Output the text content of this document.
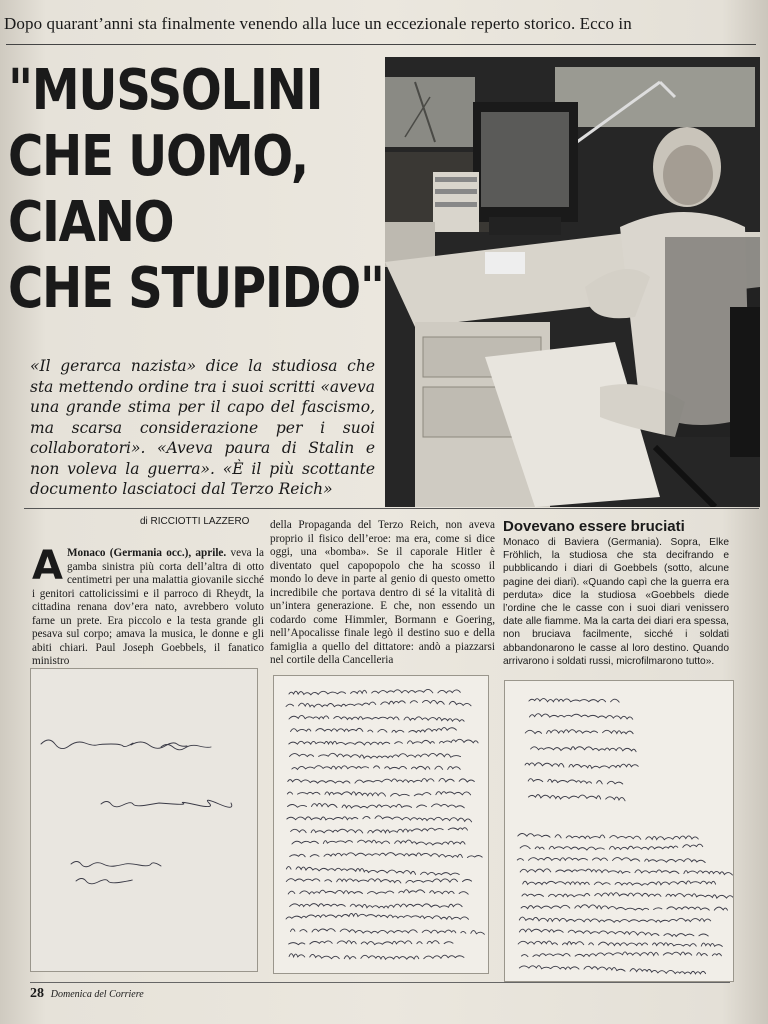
Dopo quarant’anni sta finalmente venendo alla luce un eccezionale reperto storico. Ecco in
"MUSSOLINI
CHE UOMO,
CIANO
CHE STUPIDO"
«Il gerarca nazista» dice la studiosa che sta mettendo ordine tra i suoi scritti «aveva una grande stima per il capo del fascismo, ma scarsa considerazione per i suoi collaboratori». «Aveva paura di Stalin e non voleva la guerra». «È il più scottante documento lasciatoci dal Terzo Reich»
di RICCIOTTI LAZZERO
A Monaco (Germania occ.), aprile. veva la gamba sinistra più corta dell’altra di otto centimetri per una malattia giovanile sicché i genitori cattolicissimi e il parroco di Rheydt, la cittadina renana dov’era nato, avrebbero voluto farne un prete. Era piccolo e la testa grande gli pesava sul corpo; amava la musica, le donne e gli abiti chiari. Paul Joseph Goebbels, il fanatico ministro
della Propaganda del Terzo Reich, non aveva proprio il fisico dell’eroe: ma era, come si dice oggi, una «bomba». Se il caporale Hitler è diventato quel capopopolo che ha scosso il mondo lo deve in parte al genio di questo ometto incredibile che portava dentro di sé la vitalità di un’intera generazione. E che, non essendo un codardo come Himmler, Bormann e Goering, nell’Apocalisse finale legò il destino suo e della famiglia a quello del dittatore: andò a piazzarsi nel cortile della Cancelleria
Dovevano essere bruciati
Monaco di Baviera (Germania). Sopra, Elke Fröhlich, la studiosa che sta decifrando e pubblicando i diari di Goebbels (sotto, alcune pagine dei diari). «Quando capì che la guerra era perduta» dice la studiosa «Goebbels diede l’ordine che le casse con i suoi diari venissero date alle fiamme. Ma la carta dei diari era spessa, non bruciava facilmente, sicché i soldati abbandonarono le casse al loro destino. Quando arrivarono i soldati russi, microfilmarono tutto».
28 Domenica del Corriere
